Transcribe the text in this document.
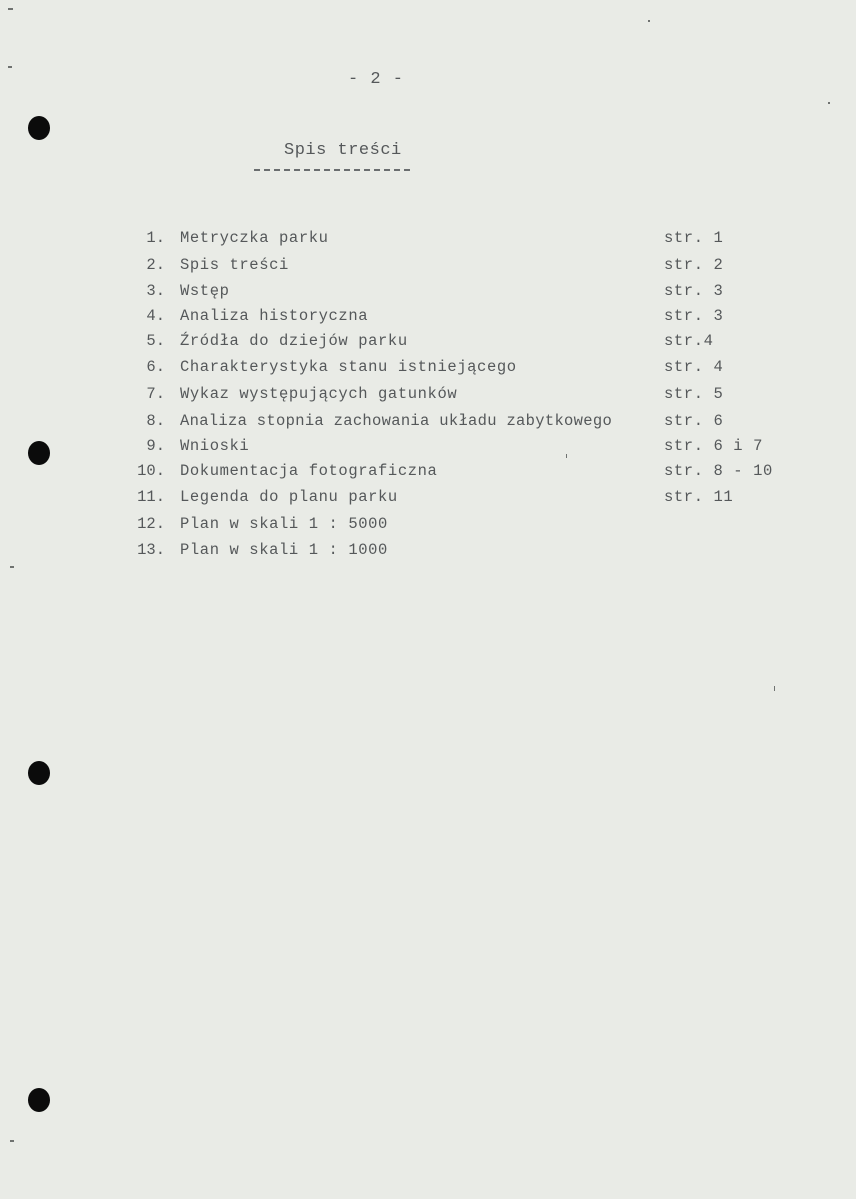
- 2 -
Spis treści
1. Metryczka parku	str. 1
2. Spis treści	str. 2
3. Wstęp	str. 3
4. Analiza historyczna	str. 3
5. Źródła do dziejów parku	str.4
6. Charakterystyka stanu istniejącego	str. 4
7. Wykaz występujących gatunków	str. 5
8. Analiza stopnia zachowania układu zabytkowego	str. 6
9. Wnioski	str. 6 i 7
10. Dokumentacja fotograficzna	str. 8 - 10
11. Legenda do planu parku	str. 11
12. Plan w skali 1 : 5000
13. Plan w skali 1 : 1000
